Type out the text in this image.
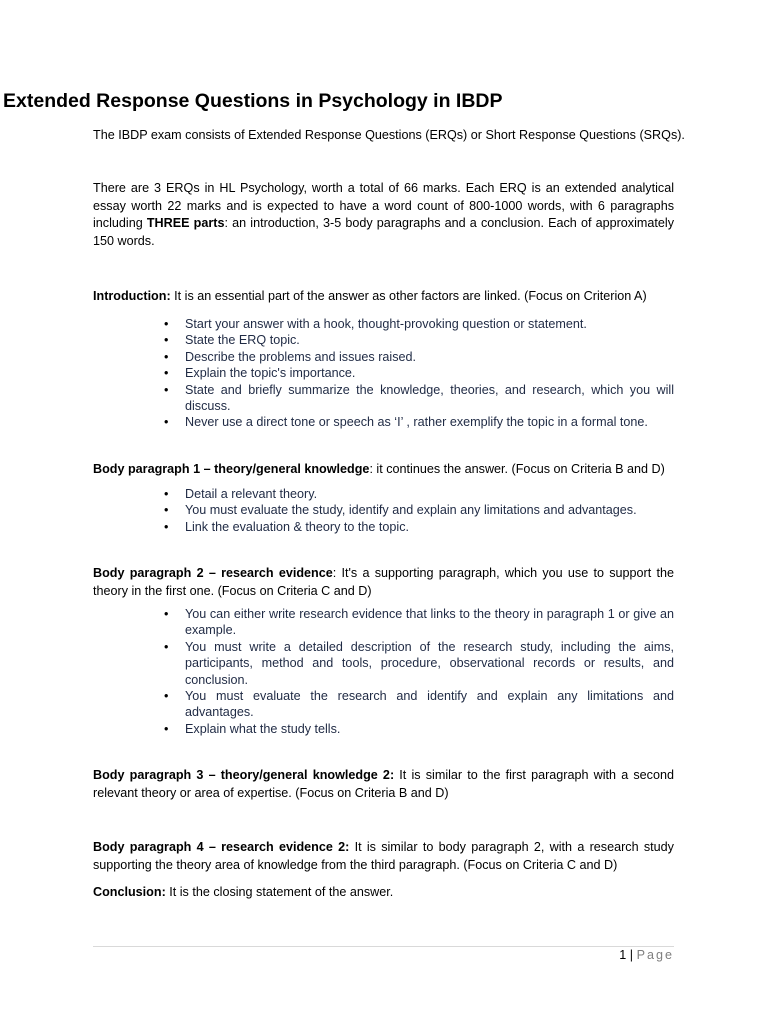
Extended Response Questions in Psychology in IBDP

The IBDP exam consists of Extended Response Questions (ERQs) or Short Response Questions (SRQs).

There are 3 ERQs in HL Psychology, worth a total of 66 marks. Each ERQ is an extended analytical essay worth 22 marks and is expected to have a word count of 800-1000 words, with 6 paragraphs including THREE parts: an introduction, 3-5 body paragraphs and a conclusion. Each of approximately 150 words.

Introduction: It is an essential part of the answer as other factors are linked. (Focus on Criterion A)

• Start your answer with a hook, thought-provoking question or statement.
• State the ERQ topic.
• Describe the problems and issues raised.
• Explain the topic's importance.
• State and briefly summarize the knowledge, theories, and research, which you will discuss.
• Never use a direct tone or speech as ‘I’ , rather exemplify the topic in a formal tone.

Body paragraph 1 – theory/general knowledge: it continues the answer. (Focus on Criteria B and D)

• Detail a relevant theory.
• You must evaluate the study, identify and explain any limitations and advantages.
• Link the evaluation & theory to the topic.

Body paragraph 2 – research evidence: It's a supporting paragraph, which you use to support the theory in the first one. (Focus on Criteria C and D)

• You can either write research evidence that links to the theory in paragraph 1 or give an example.
• You must write a detailed description of the research study, including the aims, participants, method and tools, procedure, observational records or results, and conclusion.
• You must evaluate the research and identify and explain any limitations and advantages.
• Explain what the study tells.

Body paragraph 3 – theory/general knowledge 2: It is similar to the first paragraph with a second relevant theory or area of expertise. (Focus on Criteria B and D)

Body paragraph 4 – research evidence 2: It is similar to body paragraph 2, with a research study supporting the theory area of knowledge from the third paragraph. (Focus on Criteria C and D)

Conclusion: It is the closing statement of the answer.

1 | Page
